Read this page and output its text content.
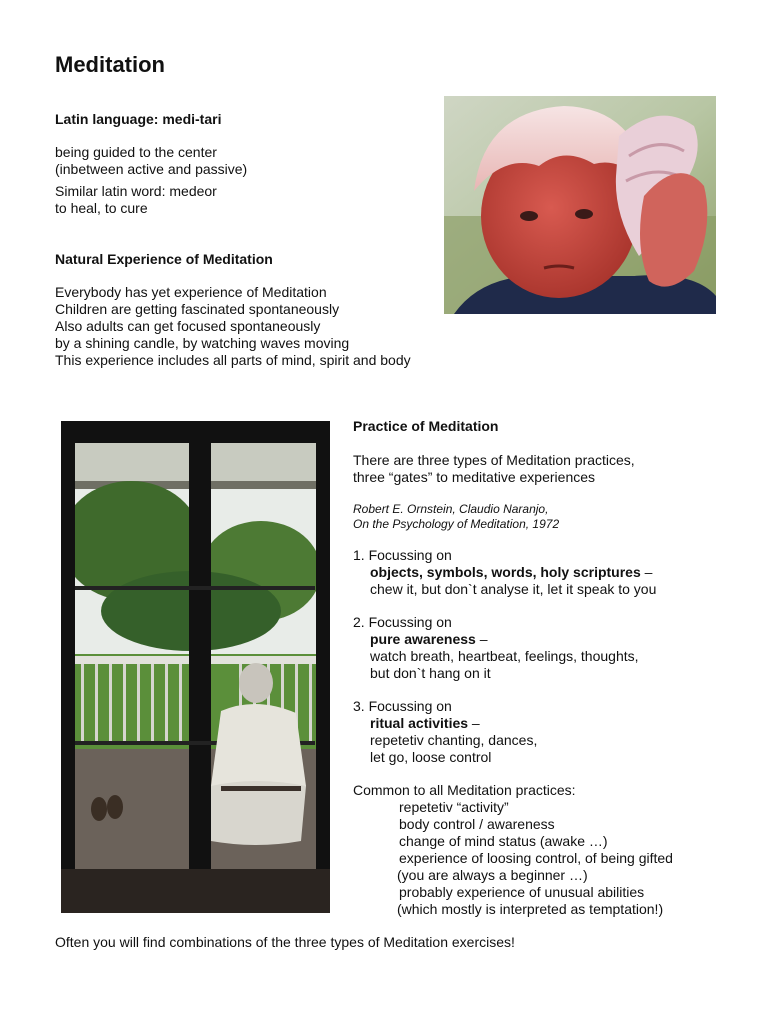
Meditation
Latin language: medi-tari
being guided to the center
(inbetween active and passive)
Similar latin word: medeor
to heal, to cure
Natural Experience of Meditation
Everybody has yet experience of Meditation
Children are getting fascinated spontaneously
Also adults can get focused spontaneously
by a shining candle, by watching waves moving
This experience includes all parts of mind, spirit and body
Practice of Meditation
There are three types of Meditation practices,
three “gates” to meditative experiences
Robert E. Ornstein, Claudio Naranjo,
On the Psychology of Meditation, 1972
1. Focussing on
objects, symbols, words, holy scriptures –
chew it, but don`t analyse it, let it speak to you
2. Focussing on
pure awareness –
watch breath, heartbeat, feelings, thoughts,
but don`t hang on it
3. Focussing on
ritual activities –
repetetiv chanting, dances,
let go, loose control
Common to all Meditation practices:
repetetiv “activity”
body control / awareness
change of mind status (awake …)
experience of loosing control, of being gifted
(you are always a beginner …)
probably experience of unusual abilities
(which mostly is interpreted as temptation!)
Often you will find combinations of the three types of Meditation exercises!
